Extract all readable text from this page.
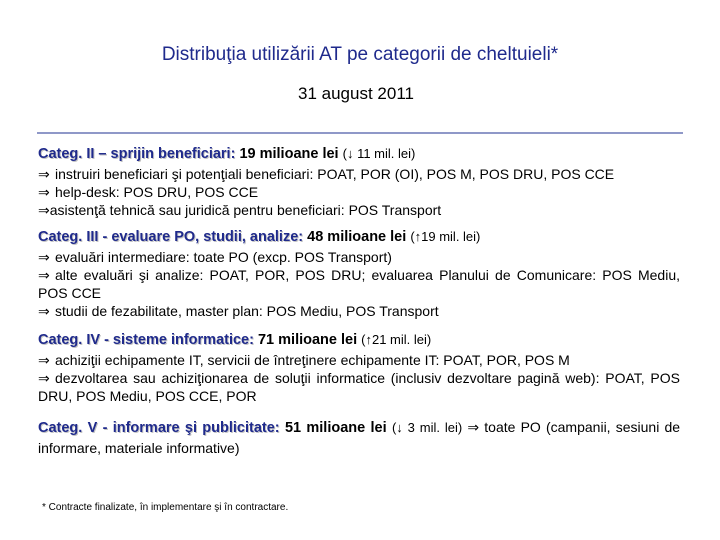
Distribuţia utilizării AT pe categorii de cheltuieli*
31 august 2011
Categ. II – sprijin beneficiari: 19 milioane lei (↓ 11 mil. lei)
⇒ instruiri beneficiari şi potenţiali beneficiari: POAT, POR (OI), POS M, POS DRU, POS CCE
⇒ help-desk: POS DRU, POS CCE
⇒asistenţă tehnică sau juridică pentru beneficiari: POS Transport
Categ. III - evaluare PO, studii, analize: 48 milioane lei (↑19 mil. lei)
⇒ evaluări intermediare: toate PO (excp. POS Transport)
⇒ alte evaluări şi analize: POAT, POR, POS DRU; evaluarea Planului de Comunicare: POS Mediu, POS CCE
⇒ studii de fezabilitate, master plan: POS Mediu, POS Transport
Categ. IV - sisteme informatice: 71 milioane lei (↑21 mil. lei)
⇒ achiziţii echipamente IT, servicii de întreţinere echipamente IT: POAT, POR, POS M
⇒ dezvoltarea sau achiziţionarea de soluţii informatice (inclusiv dezvoltare pagină web): POAT, POS DRU, POS Mediu, POS CCE, POR
Categ. V - informare şi publicitate: 51 milioane lei (↓ 3 mil. lei) ⇒ toate PO (campanii, sesiuni de informare, materiale informative)
* Contracte finalizate, în implementare şi în contractare.
